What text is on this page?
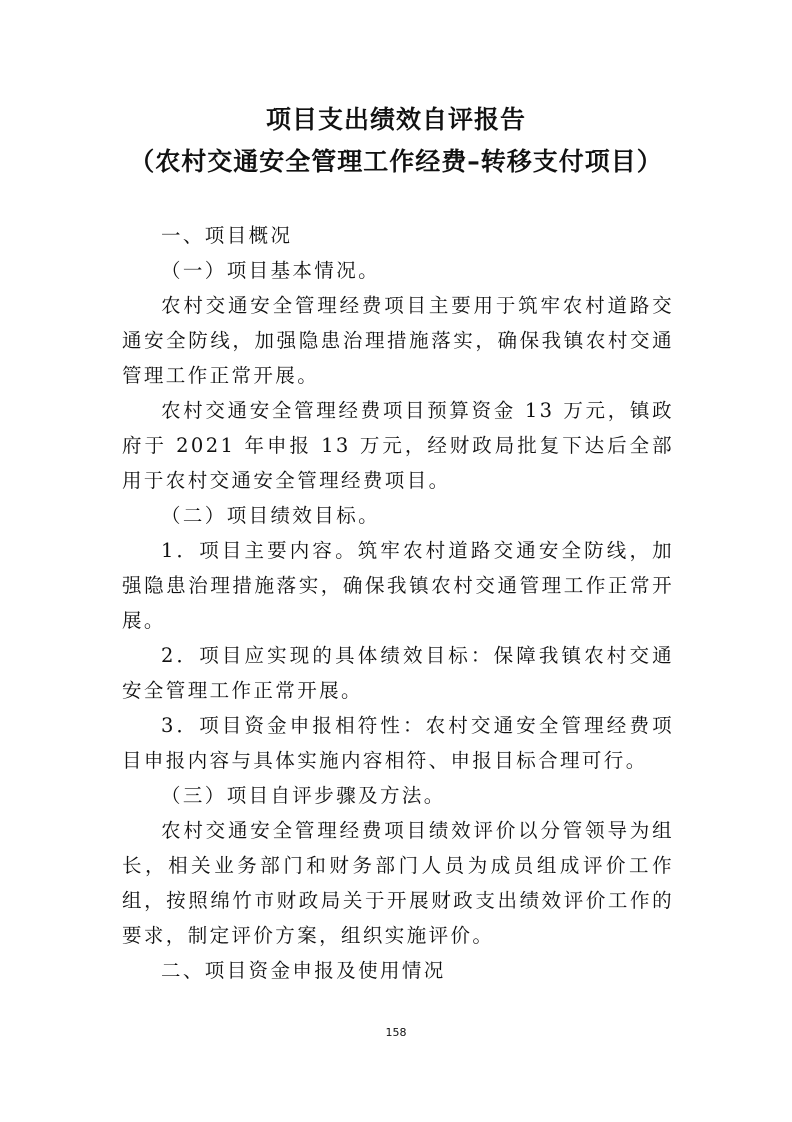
项目支出绩效自评报告
（农村交通安全管理工作经费–转移支付项目）

一、项目概况

（一）项目基本情况。

农村交通安全管理经费项目主要用于筑牢农村道路交通安全防线，加强隐患治理措施落实，确保我镇农村交通管理工作正常开展。

农村交通安全管理经费项目预算资金 13 万元，镇政府于 2021 年申报 13 万元，经财政局批复下达后全部用于农村交通安全管理经费项目。

（二）项目绩效目标。

1．项目主要内容。筑牢农村道路交通安全防线，加强隐患治理措施落实，确保我镇农村交通管理工作正常开展。

2．项目应实现的具体绩效目标：保障我镇农村交通安全管理工作正常开展。

3．项目资金申报相符性：农村交通安全管理经费项目申报内容与具体实施内容相符、申报目标合理可行。

（三）项目自评步骤及方法。

农村交通安全管理经费项目绩效评价以分管领导为组长，相关业务部门和财务部门人员为成员组成评价工作组，按照绵竹市财政局关于开展财政支出绩效评价工作的要求，制定评价方案，组织实施评价。

二、项目资金申报及使用情况

158
